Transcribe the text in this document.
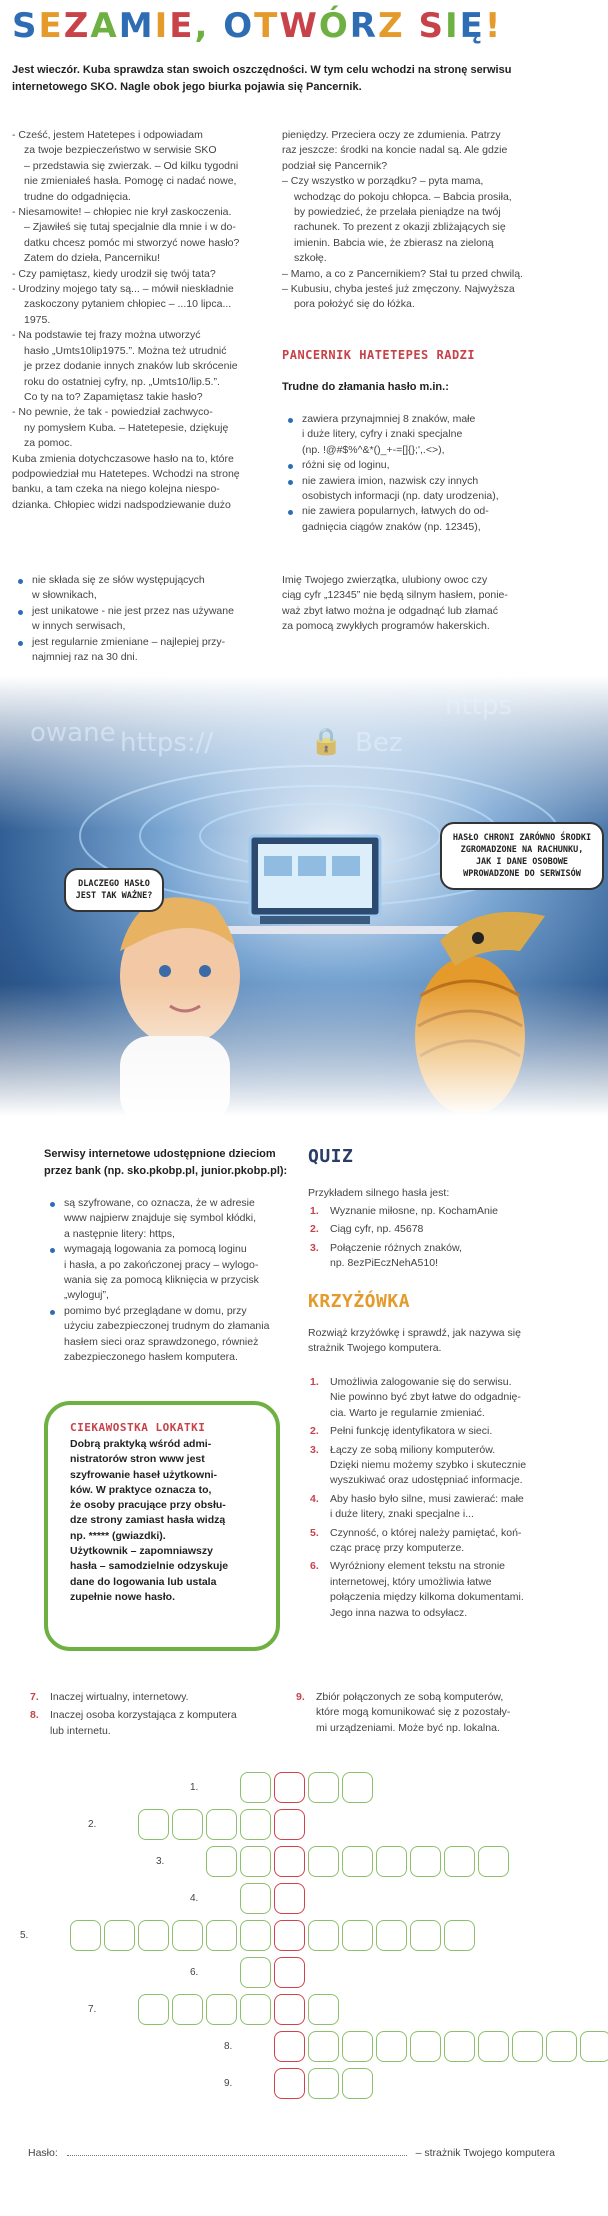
SEZAMIE, OTWÓRZ SIĘ!
Jest wieczór. Kuba sprawdza stan swoich oszczędności. W tym celu wchodzi na stronę serwisu internetowego SKO. Nagle obok jego biurka pojawia się Pancernik.

- Cześć, jestem Hatetepes i odpowiadam

za twoje bezpieczeństwo w serwisie SKO

– przedstawia się zwierzak. – Od kilku tygodni

nie zmieniałeś hasła. Pomogę ci nadać nowe,

trudne do odgadnięcia.

- Niesamowite! – chłopiec nie krył zaskoczenia.

– Zjawiłeś się tutaj specjalnie dla mnie i w do-

datku chcesz pomóc mi stworzyć nowe hasło?

Zatem do dzieła, Pancerniku!

- Czy pamiętasz, kiedy urodził się twój tata?

- Urodziny mojego taty są... – mówił nieskładnie

zaskoczony pytaniem chłopiec – ...10 lipca...

1975.

- Na podstawie tej frazy można utworzyć

hasło „Umts10lip1975.”. Można też utrudnić

je przez dodanie innych znaków lub skrócenie

roku do ostatniej cyfry, np. „Umts10/lip.5.”.

Co ty na to? Zapamiętasz takie hasło?

- No pewnie, że tak - powiedział zachwyco-

ny pomysłem Kuba. – Hatetepesie, dziękuję

za pomoc.

Kuba zmienia dotychczasowe hasło na to, które

podpowiedział mu Hatetepes. Wchodzi na stronę

banku, a tam czeka na niego kolejna niespo-

dzianka. Chłopiec widzi nadspodziewanie dużo

pieniędzy. Przeciera oczy ze zdumienia. Patrzy

raz jeszcze: środki na koncie nadal są. Ale gdzie

podział się Pancernik?

– Czy wszystko w porządku? – pyta mama,

wchodząc do pokoju chłopca. – Babcia prosiła,

by powiedzieć, że przelała pieniądze na twój

rachunek. To prezent z okazji zbliżających się

imienin. Babcia wie, że zbierasz na zieloną

szkołę.

– Mamo, a co z Pancernikiem? Stał tu przed chwilą.

– Kubusiu, chyba jesteś już zmęczony. Najwyższa

pora położyć się do łóżka.

PANCERNIK HATETEPES RADZI
Trudne do złamania hasło m.in.:
zawiera przynajmniej 8 znaków, małe
i duże litery, cyfry i znaki specjalne
(np. !@#$%^&*()_+-=[]{};',.<>),
różni się od loginu,
nie zawiera imion, nazwisk czy innych
osobistych informacji (np. daty urodzenia),
nie zawiera popularnych, łatwych do od-
gadnięcia ciągów znaków (np. 12345),
nie składa się ze słów występujących
w słownikach,
jest unikatowe - nie jest przez nas używane
w innych serwisach,
jest regularnie zmieniane – najlepiej przy-
najmniej raz na 30 dni.
Imię Twojego zwierzątka, ulubiony owoc czy
ciąg cyfr „12345” nie będą silnym hasłem, ponie-
waż zbyt łatwo można je odgadnąć lub złamać
za pomocą zwykłych programów hakerskich.
owane https://	Bez
https
🔒
DLACZEGO HASŁO
JEST TAK WAŻNE?
HASŁO CHRONI ZARÓWNO ŚRODKI
ZGROMADZONE NA RACHUNKU,
JAK I DANE OSOBOWE
WPROWADZONE DO SERWISÓW
Serwisy internetowe udostępnione dzieciom
przez bank (np. sko.pkobp.pl, junior.pkobp.pl):
są szyfrowane, co oznacza, że w adresie
www najpierw znajduje się symbol kłódki,
a następnie litery: https,
wymagają logowania za pomocą loginu
i hasła, a po zakończonej pracy – wylogo-
wania się za pomocą kliknięcia w przycisk
„wyloguj”,
pomimo być przeglądane w domu, przy
użyciu zabezpieczonej trudnym do złamania
hasłem sieci oraz sprawdzonego, również
zabezpieczonego hasłem komputera.
CIEKAWOSTKA LOKATKI
Dobrą praktyką wśród admi-
nistratorów stron www jest
szyfrowanie haseł użytkowni-
ków. W praktyce oznacza to,
że osoby pracujące przy obsłu-
dze strony zamiast hasła widzą
np. ***** (gwiazdki).
Użytkownik – zapomniawszy
hasła – samodzielnie odzyskuje
dane do logowania lub ustala
zupełnie nowe hasło.
QUIZ
Przykładem silnego hasła jest:
1. Wyznanie miłosne, np. KochamAnie
2. Ciąg cyfr, np. 45678
3. Połączenie różnych znaków,
np. 8ezPiEczNehA510!
KRZYŻÓWKA
Rozwiąż krzyżówkę i sprawdź, jak nazywa się
strażnik Twojego komputera.
1. Umożliwia zalogowanie się do serwisu.
Nie powinno być zbyt łatwe do odgadnię-
cia. Warto je regularnie zmieniać.
2. Pełni funkcję identyfikatora w sieci.
3. Łączy ze sobą miliony komputerów.
Dzięki niemu możemy szybko i skutecznie
wyszukiwać oraz udostępniać informacje.
4. Aby hasło było silne, musi zawierać: małe
i duże litery, znaki specjalne i...
5. Czynność, o której należy pamiętać, koń-
cząc pracę przy komputerze.
6. Wyróżniony element tekstu na stronie
internetowej, który umożliwia łatwe
połączenia między kilkoma dokumentami.
Jego inna nazwa to odsyłacz.
7. Inaczej wirtualny, internetowy.
8. Inaczej osoba korzystająca z komputera
lub internetu.
9. Zbiór połączonych ze sobą komputerów,
które mogą komunikować się z pozostały-
mi urządzeniami. Może być np. lokalna.
1.
2.
3.
4.
5.
6.
7.
8.
9.
Hasło:	– strażnik Twojego komputera
